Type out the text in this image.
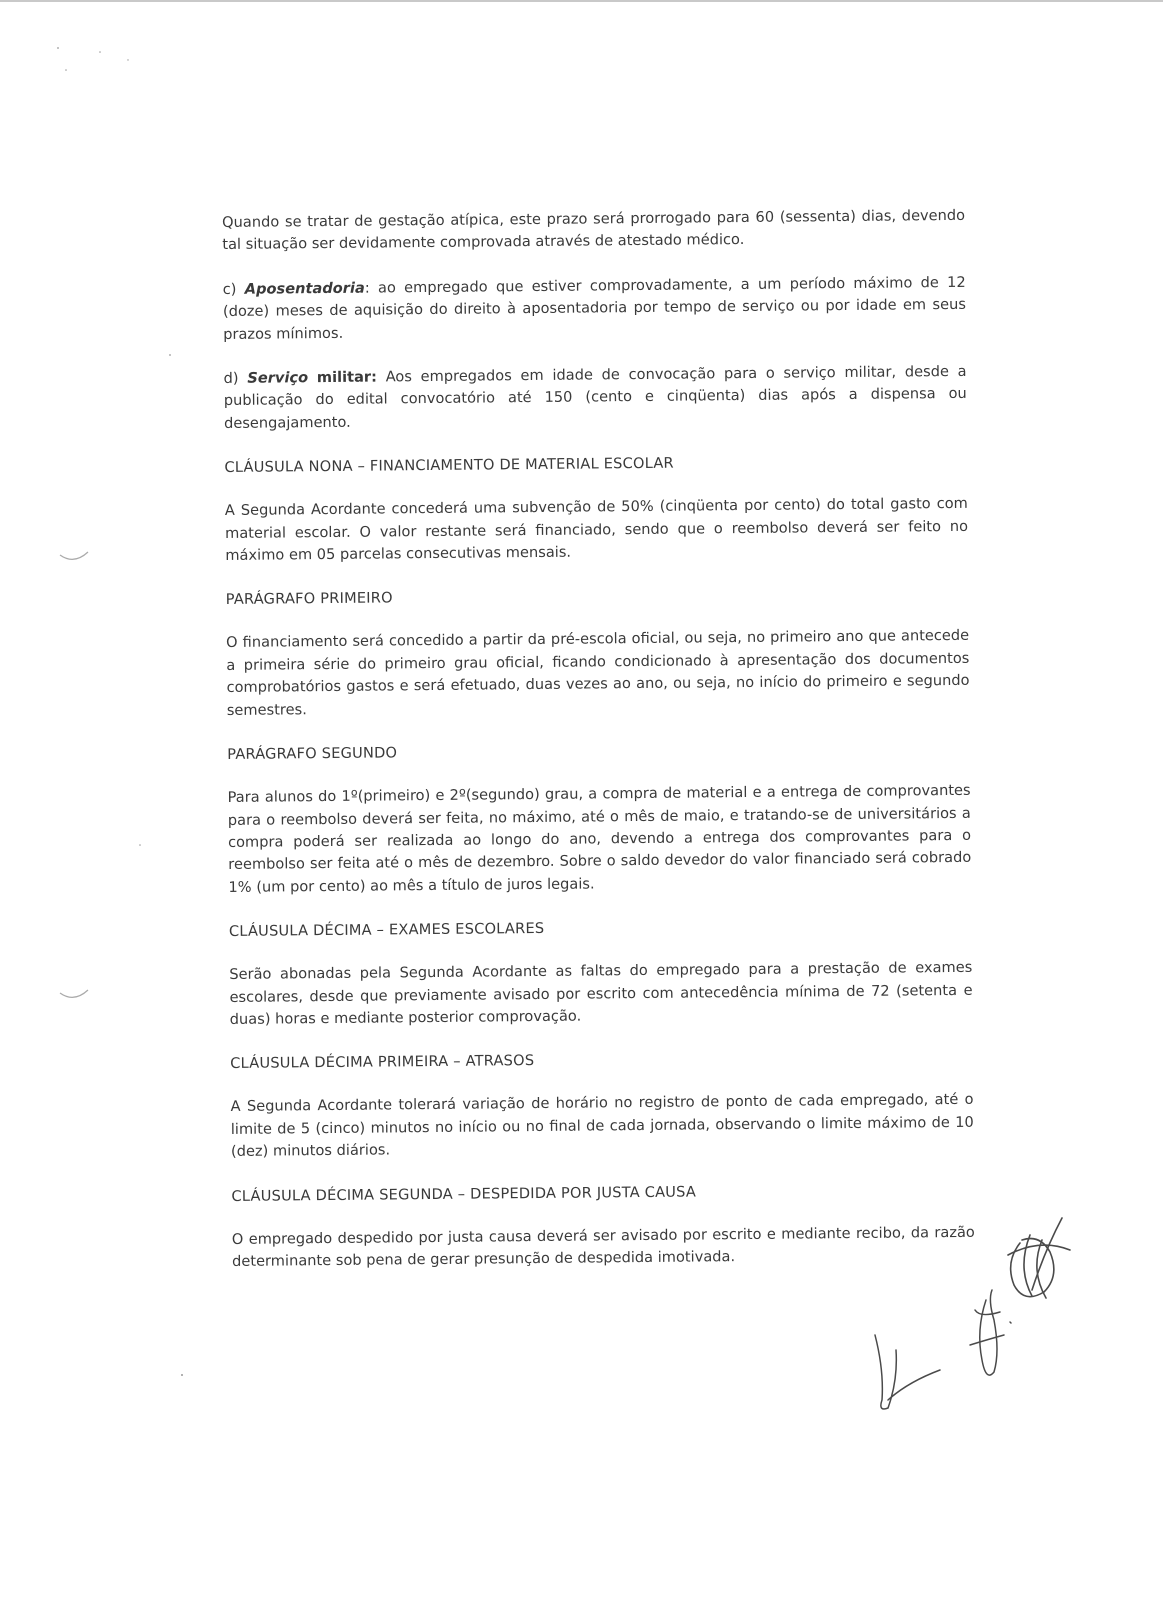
Quando se tratar de gestação atípica, este prazo será prorrogado para 60 (sessenta) dias, devendo tal situação ser devidamente comprovada através de atestado médico.

c) Aposentadoria: ao empregado que estiver comprovadamente, a um período máximo de 12 (doze) meses de aquisição do direito à aposentadoria por tempo de serviço ou por idade em seus prazos mínimos.

d) Serviço militar: Aos empregados em idade de convocação para o serviço militar, desde a publicação do edital convocatório até 150 (cento e cinqüenta) dias após a dispensa ou desengajamento.

CLÁUSULA NONA – FINANCIAMENTO DE MATERIAL ESCOLAR

A Segunda Acordante concederá uma subvenção de 50% (cinqüenta por cento) do total gasto com material escolar. O valor restante será financiado, sendo que o reembolso deverá ser feito no máximo em 05 parcelas consecutivas mensais.

PARÁGRAFO PRIMEIRO

O financiamento será concedido a partir da pré-escola oficial, ou seja, no primeiro ano que antecede a primeira série do primeiro grau oficial, ficando condicionado à apresentação dos documentos comprobatórios gastos e será efetuado, duas vezes ao ano, ou seja, no início do primeiro e segundo semestres.

PARÁGRAFO SEGUNDO

Para alunos do 1º(primeiro) e 2º(segundo) grau, a compra de material e a entrega de comprovantes para o reembolso deverá ser feita, no máximo, até o mês de maio, e tratando-se de universitários a compra poderá ser realizada ao longo do ano, devendo a entrega dos comprovantes para o reembolso ser feita até o mês de dezembro. Sobre o saldo devedor do valor financiado será cobrado 1% (um por cento) ao mês a título de juros legais.

CLÁUSULA DÉCIMA – EXAMES ESCOLARES

Serão abonadas pela Segunda Acordante as faltas do empregado para a prestação de exames escolares, desde que previamente avisado por escrito com antecedência mínima de 72 (setenta e duas) horas e mediante posterior comprovação.

CLÁUSULA DÉCIMA PRIMEIRA – ATRASOS

A Segunda Acordante tolerará variação de horário no registro de ponto de cada empregado, até o limite de 5 (cinco) minutos no início ou no final de cada jornada, observando o limite máximo de 10 (dez) minutos diários.

CLÁUSULA DÉCIMA SEGUNDA – DESPEDIDA POR JUSTA CAUSA

O empregado despedido por justa causa deverá ser avisado por escrito e mediante recibo, da razão determinante sob pena de gerar presunção de despedida imotivada.
